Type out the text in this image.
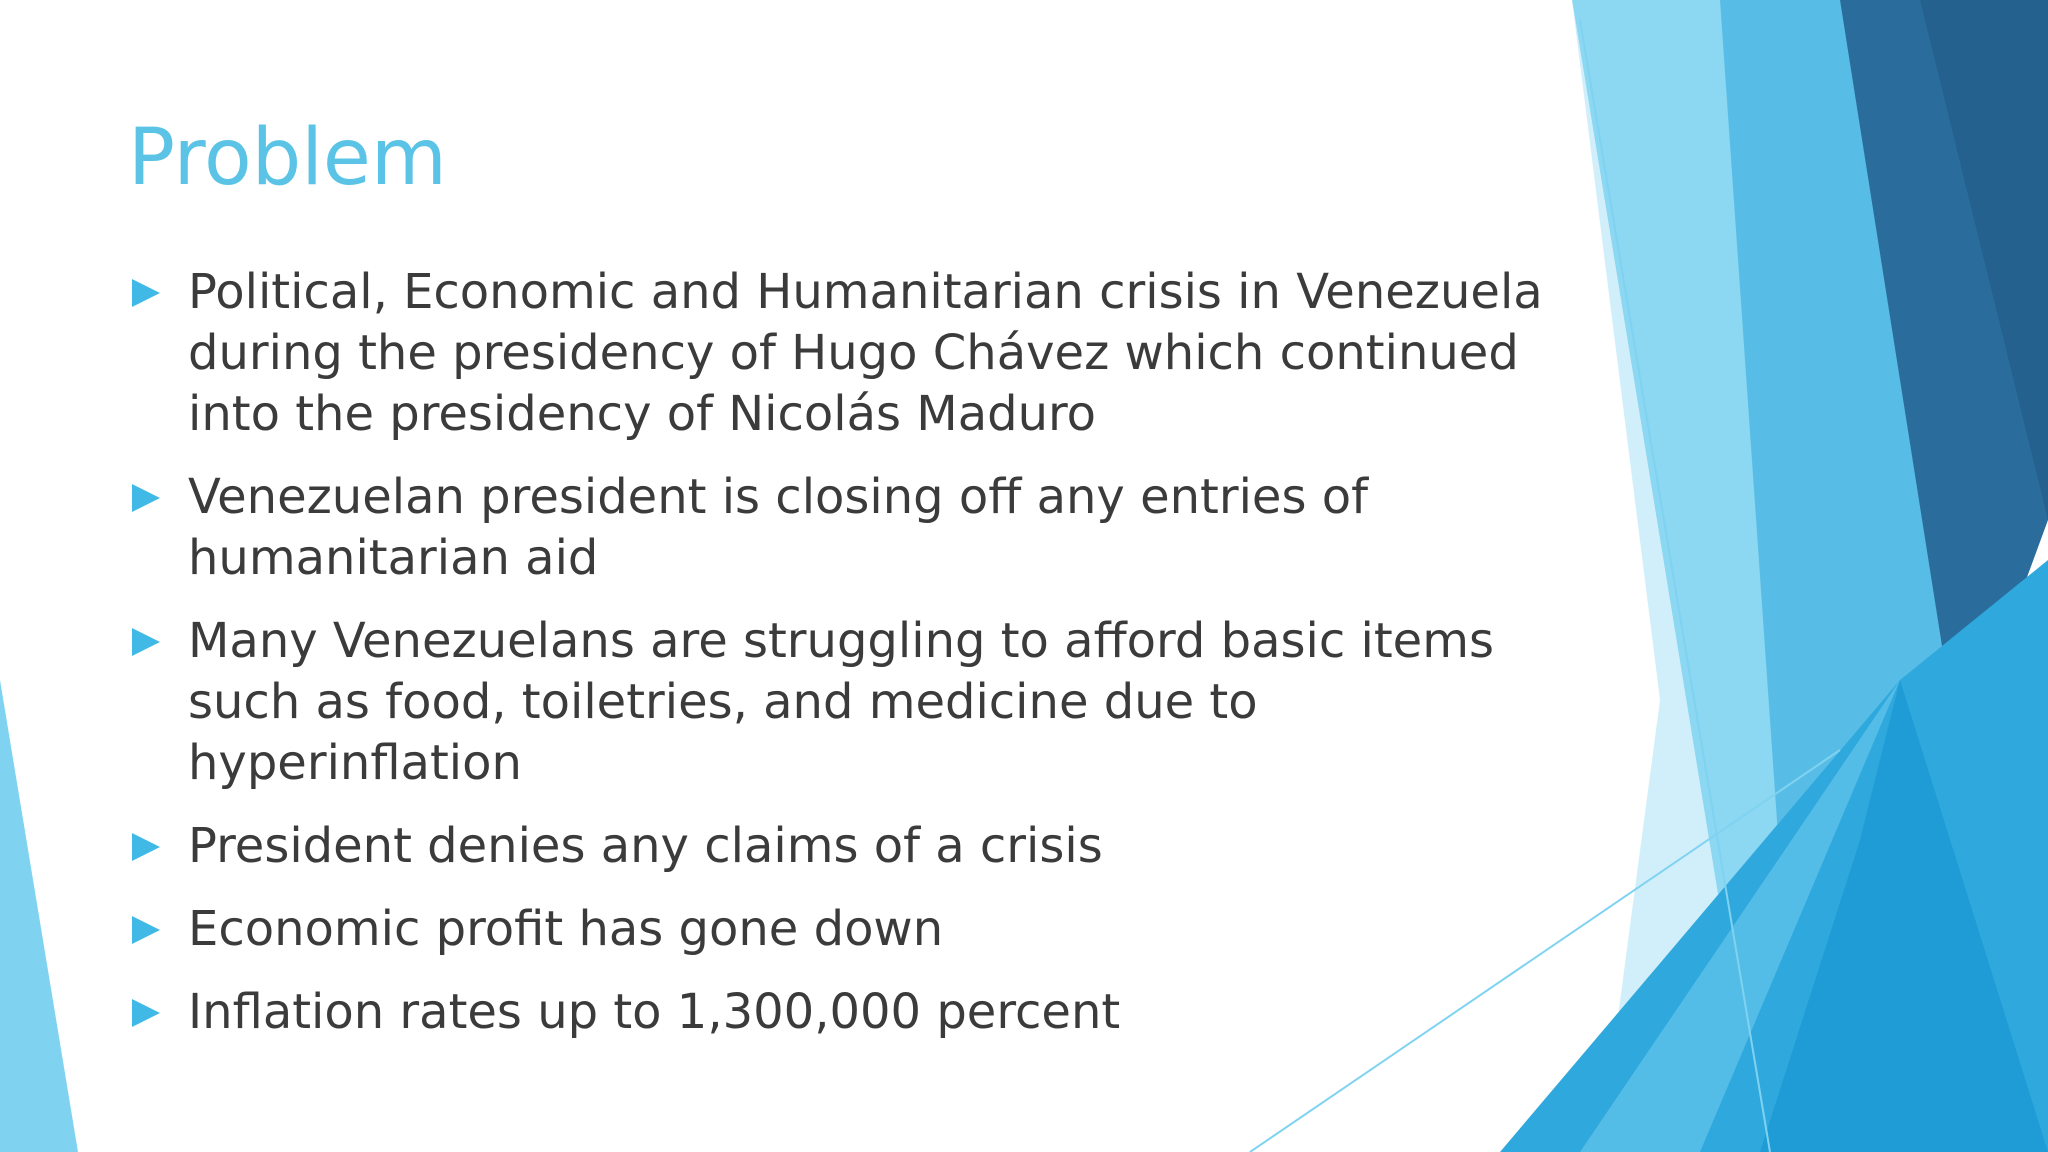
Problem
Political, Economic and Humanitarian crisis in Venezuela during the presidency of Hugo Chávez which continued into the presidency of Nicolás Maduro
Venezuelan president is closing off any entries of humanitarian aid
Many Venezuelans are struggling to afford basic items such as food, toiletries, and medicine due to hyperinflation
President denies any claims of a crisis
Economic profit has gone down
Inflation rates up to 1,300,000 percent
